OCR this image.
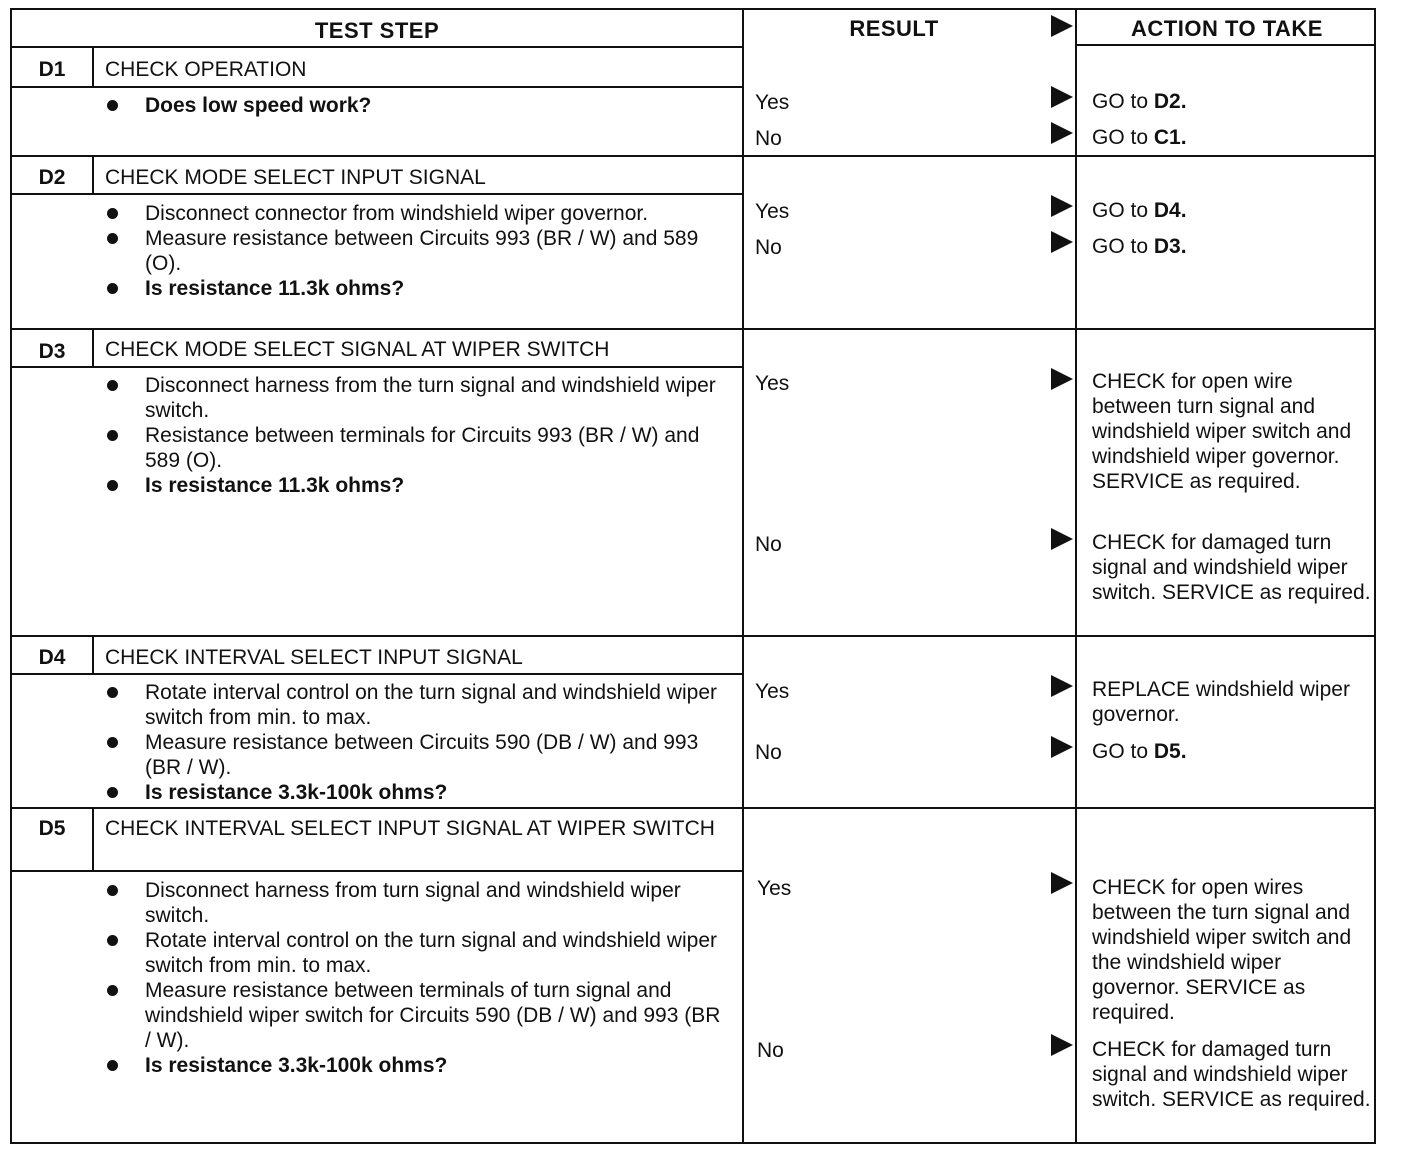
TEST STEP	RESULT	ACTION TO TAKE
D1	CHECK OPERATION
Does low speed work?	Yes	GO to D2.
No	GO to C1.
D2	CHECK MODE SELECT INPUT SIGNAL
Disconnect connector from windshield wiper governor.
Measure resistance between Circuits 993 (BR / W) and 589 (O).
Is resistance 11.3k ohms?
Yes	GO to D4.
No	GO to D3.
D3	CHECK MODE SELECT SIGNAL AT WIPER SWITCH
Disconnect harness from the turn signal and windshield wiper switch.
Resistance between terminals for Circuits 993 (BR / W) and 589 (O).
Is resistance 11.3k ohms?
Yes	CHECK for open wire between turn signal and windshield wiper switch and windshield wiper governor. SERVICE as required.
No	CHECK for damaged turn signal and windshield wiper switch. SERVICE as required.
D4	CHECK INTERVAL SELECT INPUT SIGNAL
Rotate interval control on the turn signal and windshield wiper switch from min. to max.
Measure resistance between Circuits 590 (DB / W) and 993 (BR / W).
Is resistance 3.3k-100k ohms?
Yes	REPLACE windshield wiper governor.
No	GO to D5.
D5	CHECK INTERVAL SELECT INPUT SIGNAL AT WIPER SWITCH
Disconnect harness from turn signal and windshield wiper switch.
Rotate interval control on the turn signal and windshield wiper switch from min. to max.
Measure resistance between terminals of turn signal and windshield wiper switch for Circuits 590 (DB / W) and 993 (BR / W).
Is resistance 3.3k-100k ohms?
Yes	CHECK for open wires between the turn signal and windshield wiper switch and the windshield wiper governor. SERVICE as required.
No	CHECK for damaged turn signal and windshield wiper switch. SERVICE as required.
